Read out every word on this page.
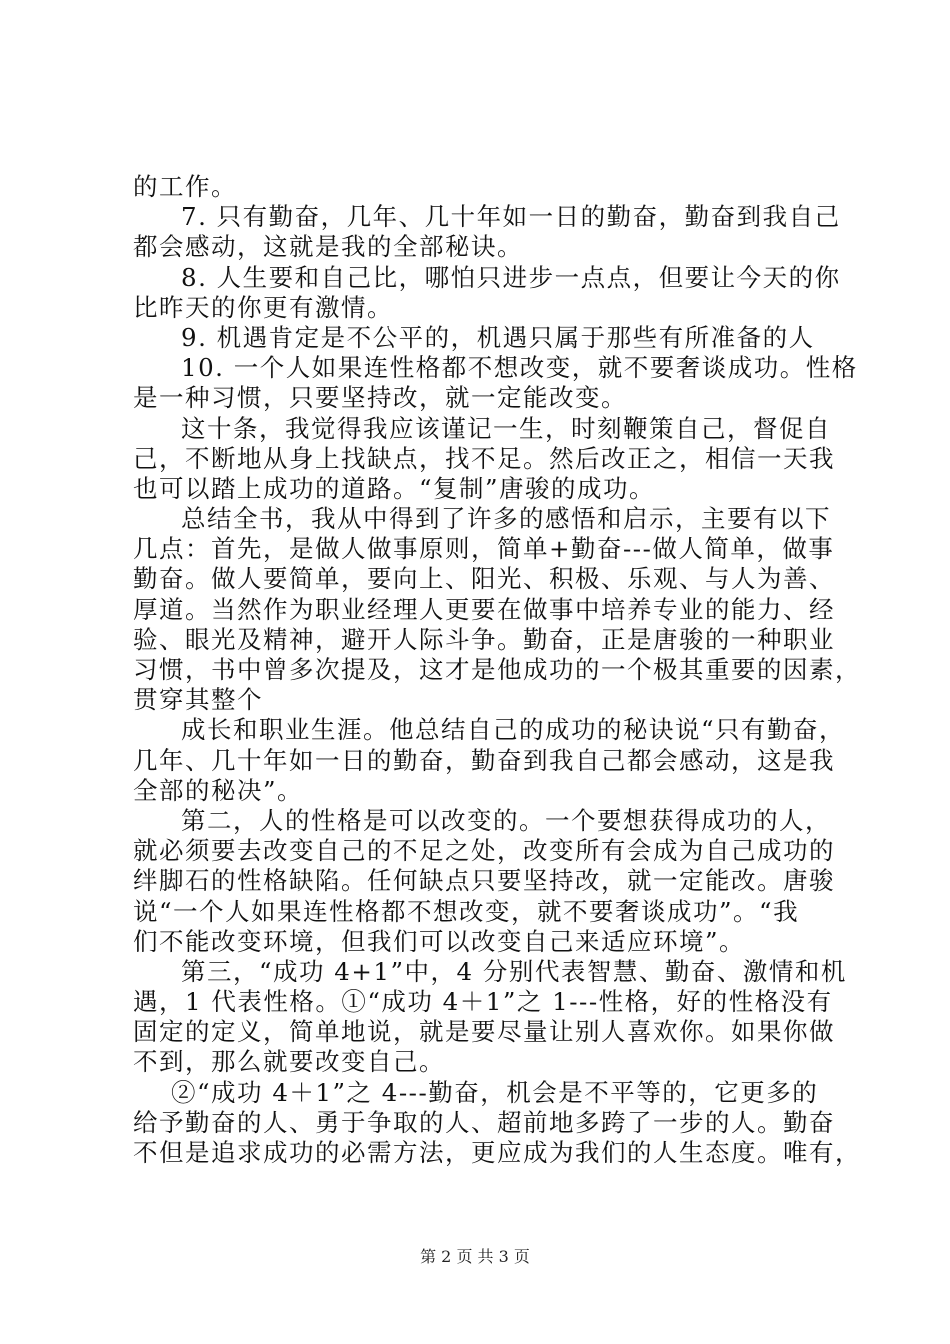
的工作。
7. 只有勤奋，几年、几十年如一日的勤奋，勤奋到我自己
都会感动，这就是我的全部秘诀。
8. 人生要和自己比，哪怕只进步一点点，但要让今天的你
比昨天的你更有激情。
9. 机遇肯定是不公平的，机遇只属于那些有所准备的人
10. 一个人如果连性格都不想改变，就不要奢谈成功。性格
是一种习惯，只要坚持改，就一定能改变。
这十条，我觉得我应该谨记一生，时刻鞭策自己，督促自
己，不断地从身上找缺点，找不足。然后改正之，相信一天我
也可以踏上成功的道路。“复制”唐骏的成功。
总结全书，我从中得到了许多的感悟和启示，主要有以下
几点：首先，是做人做事原则，简单+勤奋---做人简单，做事
勤奋。做人要简单，要向上、阳光、积极、乐观、与人为善、
厚道。当然作为职业经理人更要在做事中培养专业的能力、经
验、眼光及精神，避开人际斗争。勤奋，正是唐骏的一种职业
习惯，书中曾多次提及，这才是他成功的一个极其重要的因素，
贯穿其整个
成长和职业生涯。他总结自己的成功的秘诀说“只有勤奋，
几年、几十年如一日的勤奋，勤奋到我自己都会感动，这是我
全部的秘决”。
第二，人的性格是可以改变的。一个要想获得成功的人，
就必须要去改变自己的不足之处，改变所有会成为自己成功的
绊脚石的性格缺陷。任何缺点只要坚持改，就一定能改。唐骏
说“一个人如果连性格都不想改变，就不要奢谈成功”。“我
们不能改变环境，但我们可以改变自己来适应环境”。
第三，“成功 4+1”中，4 分别代表智慧、勤奋、激情和机
遇，1 代表性格。①“成功 4＋1”之 1---性格，好的性格没有
固定的定义，简单地说，就是要尽量让别人喜欢你。如果你做
不到，那么就要改变自己。
②“成功 4＋1”之 4---勤奋，机会是不平等的，它更多的
给予勤奋的人、勇于争取的人、超前地多跨了一步的人。勤奋
不但是追求成功的必需方法，更应成为我们的人生态度。唯有，
第 2 页 共 3 页
